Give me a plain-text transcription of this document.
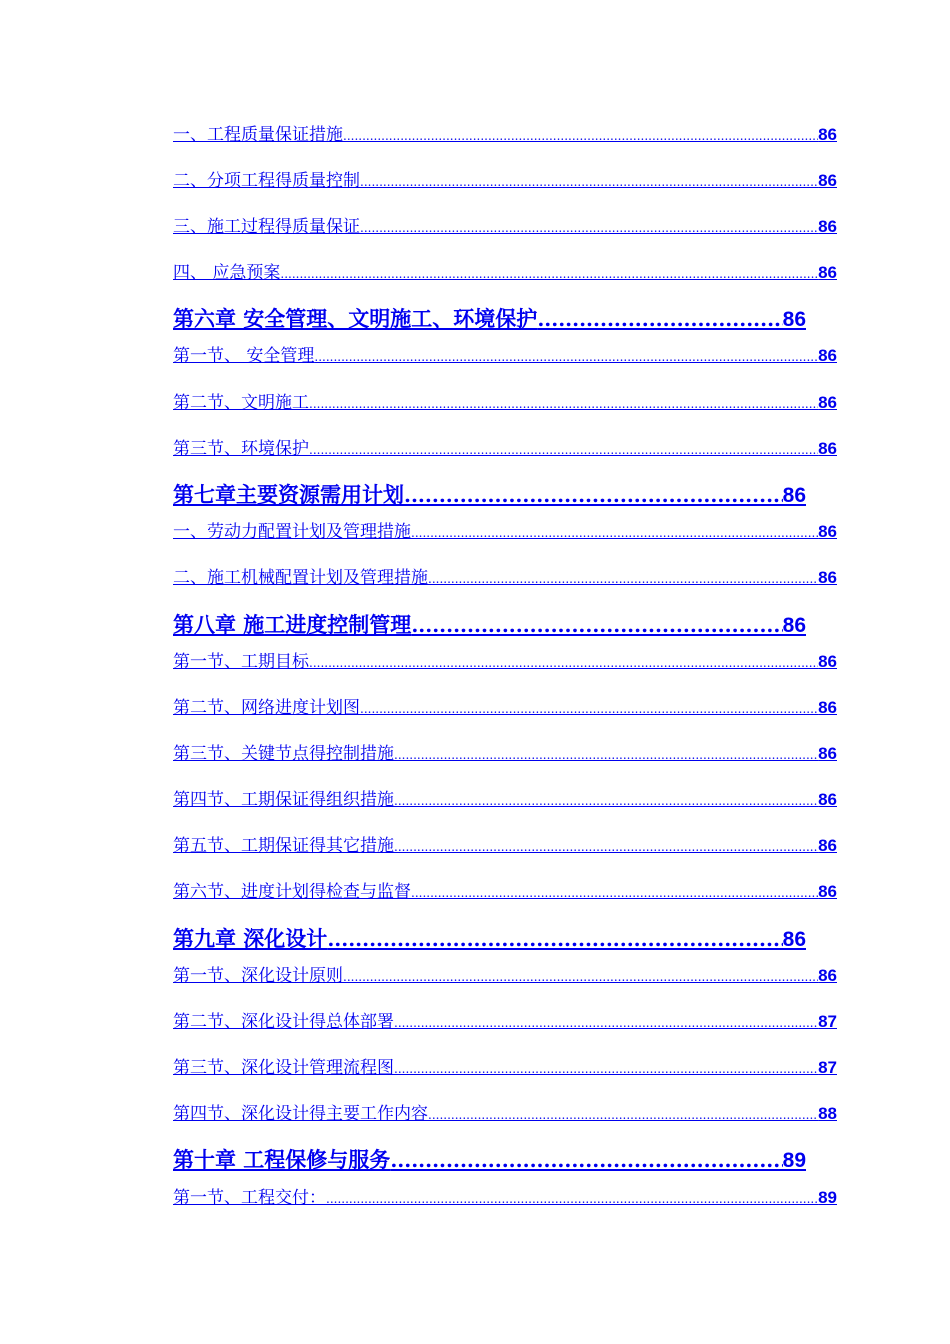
一、工程质量保证措施 .....	86
二、分项工程得质量控制 .....	86
三、施工过程得质量保证 .....	86
四、 应急预案 .....	86
第六章 安全管理、文明施工、环境保护 .....	86
第一节、 安全管理 .....	86
第二节、文明施工 .....	86
第三节、环境保护 .....	86
第七章主要资源需用计划 .....	86
一、劳动力配置计划及管理措施 .....	86
二、施工机械配置计划及管理措施 .....	86
第八章 施工进度控制管理 .....	86
第一节、工期目标 .....	86
第二节、网络进度计划图 .....	86
第三节、关键节点得控制措施 .....	86
第四节、工期保证得组织措施 .....	86
第五节、工期保证得其它措施 .....	86
第六节、进度计划得检查与监督 .....	86
第九章 深化设计 .....	86
第一节、深化设计原则 .....	86
第二节、深化设计得总体部署 .....	87
第三节、深化设计管理流程图 .....	87
第四节、深化设计得主要工作内容 .....	88
第十章 工程保修与服务 .....	89
第一节、工程交付： .....	89
